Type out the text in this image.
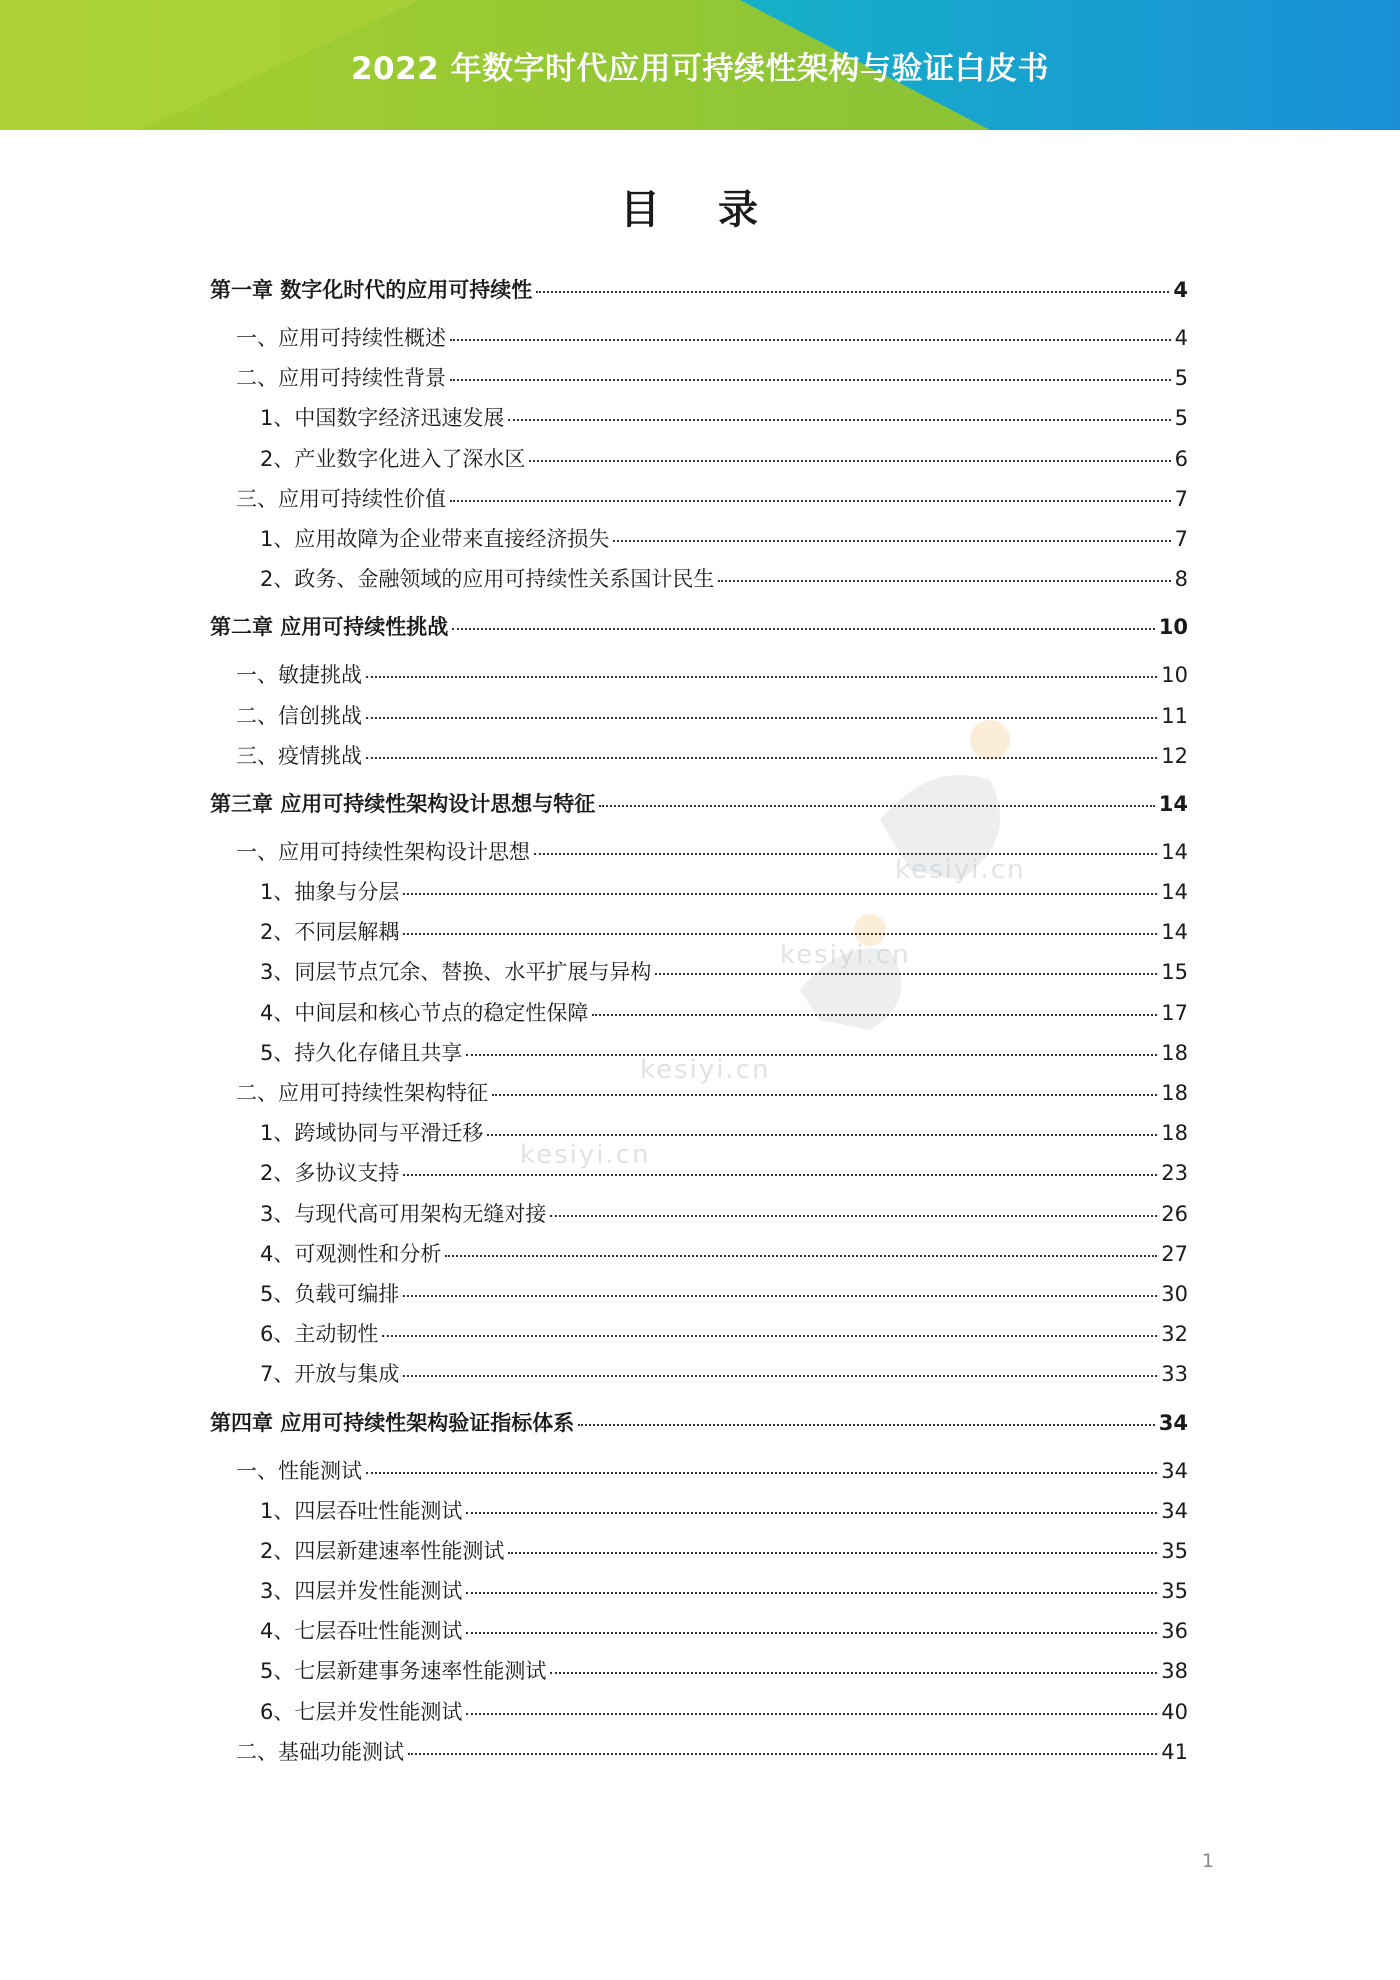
2022 年数字时代应用可持续性架构与验证白皮书
目 录
kesiyi.cn
kesiyi.cn
kesiyi.cn
kesiyi.cn
第一章 数字化时代的应用可持续性	4
一、应用可持续性概述	4
二、应用可持续性背景	5
1、中国数字经济迅速发展	5
2、产业数字化进入了深水区	6
三、应用可持续性价值	7
1、应用故障为企业带来直接经济损失	7
2、政务、金融领域的应用可持续性关系国计民生	8
第二章 应用可持续性挑战	10
一、敏捷挑战	10
二、信创挑战	11
三、疫情挑战	12
第三章 应用可持续性架构设计思想与特征	14
一、应用可持续性架构设计思想	14
1、抽象与分层	14
2、不同层解耦	14
3、同层节点冗余、替换、水平扩展与异构	15
4、中间层和核心节点的稳定性保障	17
5、持久化存储且共享	18
二、应用可持续性架构特征	18
1、跨域协同与平滑迁移	18
2、多协议支持	23
3、与现代高可用架构无缝对接	26
4、可观测性和分析	27
5、负载可编排	30
6、主动韧性	32
7、开放与集成	33
第四章 应用可持续性架构验证指标体系	34
一、性能测试	34
1、四层吞吐性能测试	34
2、四层新建速率性能测试	35
3、四层并发性能测试	35
4、七层吞吐性能测试	36
5、七层新建事务速率性能测试	38
6、七层并发性能测试	40
二、基础功能测试	41
1
